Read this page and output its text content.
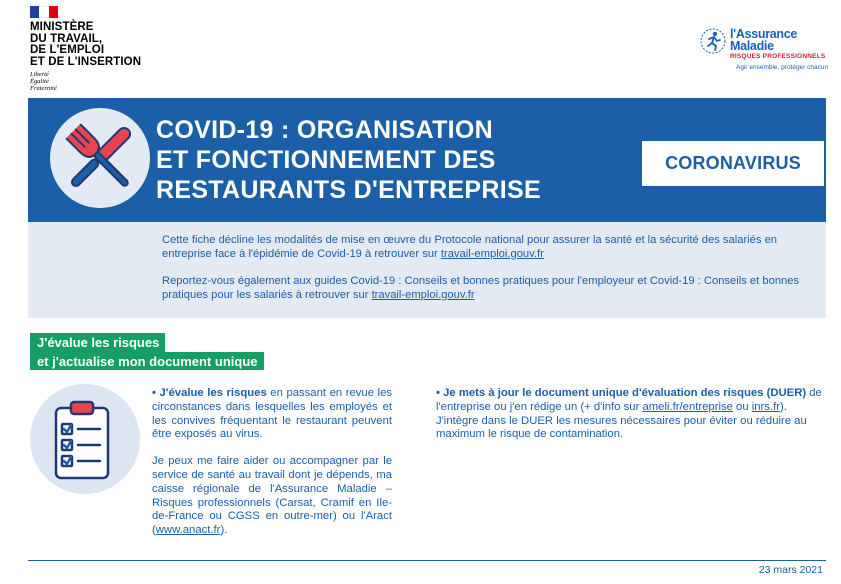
MINISTÈRE
DU TRAVAIL,
DE L'EMPLOI
ET DE L'INSERTION
Liberté
Égalité
Fraternité
l'Assurance
Maladie
RISQUES PROFESSIONNELS
Agir ensemble, protéger chacun
COVID-19 : ORGANISATION
ET FONCTIONNEMENT DES
RESTAURANTS D'ENTREPRISE
CORONAVIRUS

Cette fiche décline les modalités de mise en œuvre du Protocole national pour assurer la santé et la sécurité des salariés en entreprise face à l'épidémie de Covid-19 à retrouver sur travail-emploi.gouv.fr

Reportez-vous également aux guides Covid-19 : Conseils et bonnes pratiques pour l'employeur et Covid-19 : Conseils et bonnes pratiques pour les salariés à retrouver sur travail-emploi.gouv.fr

J'évalue les risques
et j'actualise mon document unique

• J'évalue les risques en passant en revue les circonstances dans lesquelles les employés et les convives fréquentant le restaurant peuvent être exposés au virus.

Je peux me faire aider ou accompagner par le service de santé au travail dont je dépends, ma caisse régionale de l'Assurance Maladie – Risques professionnels (Carsat, Cramif en Ile-de-France ou CGSS en outre-mer) ou l'Aract (www.anact.fr).

• Je mets à jour le document unique d'évaluation des risques (DUER) de l'entreprise ou j'en rédige un (+ d'info sur ameli.fr/entreprise ou inrs.fr). J'intègre dans le DUER les mesures nécessaires pour éviter ou réduire au maximum le risque de contamination.

23 mars 2021
